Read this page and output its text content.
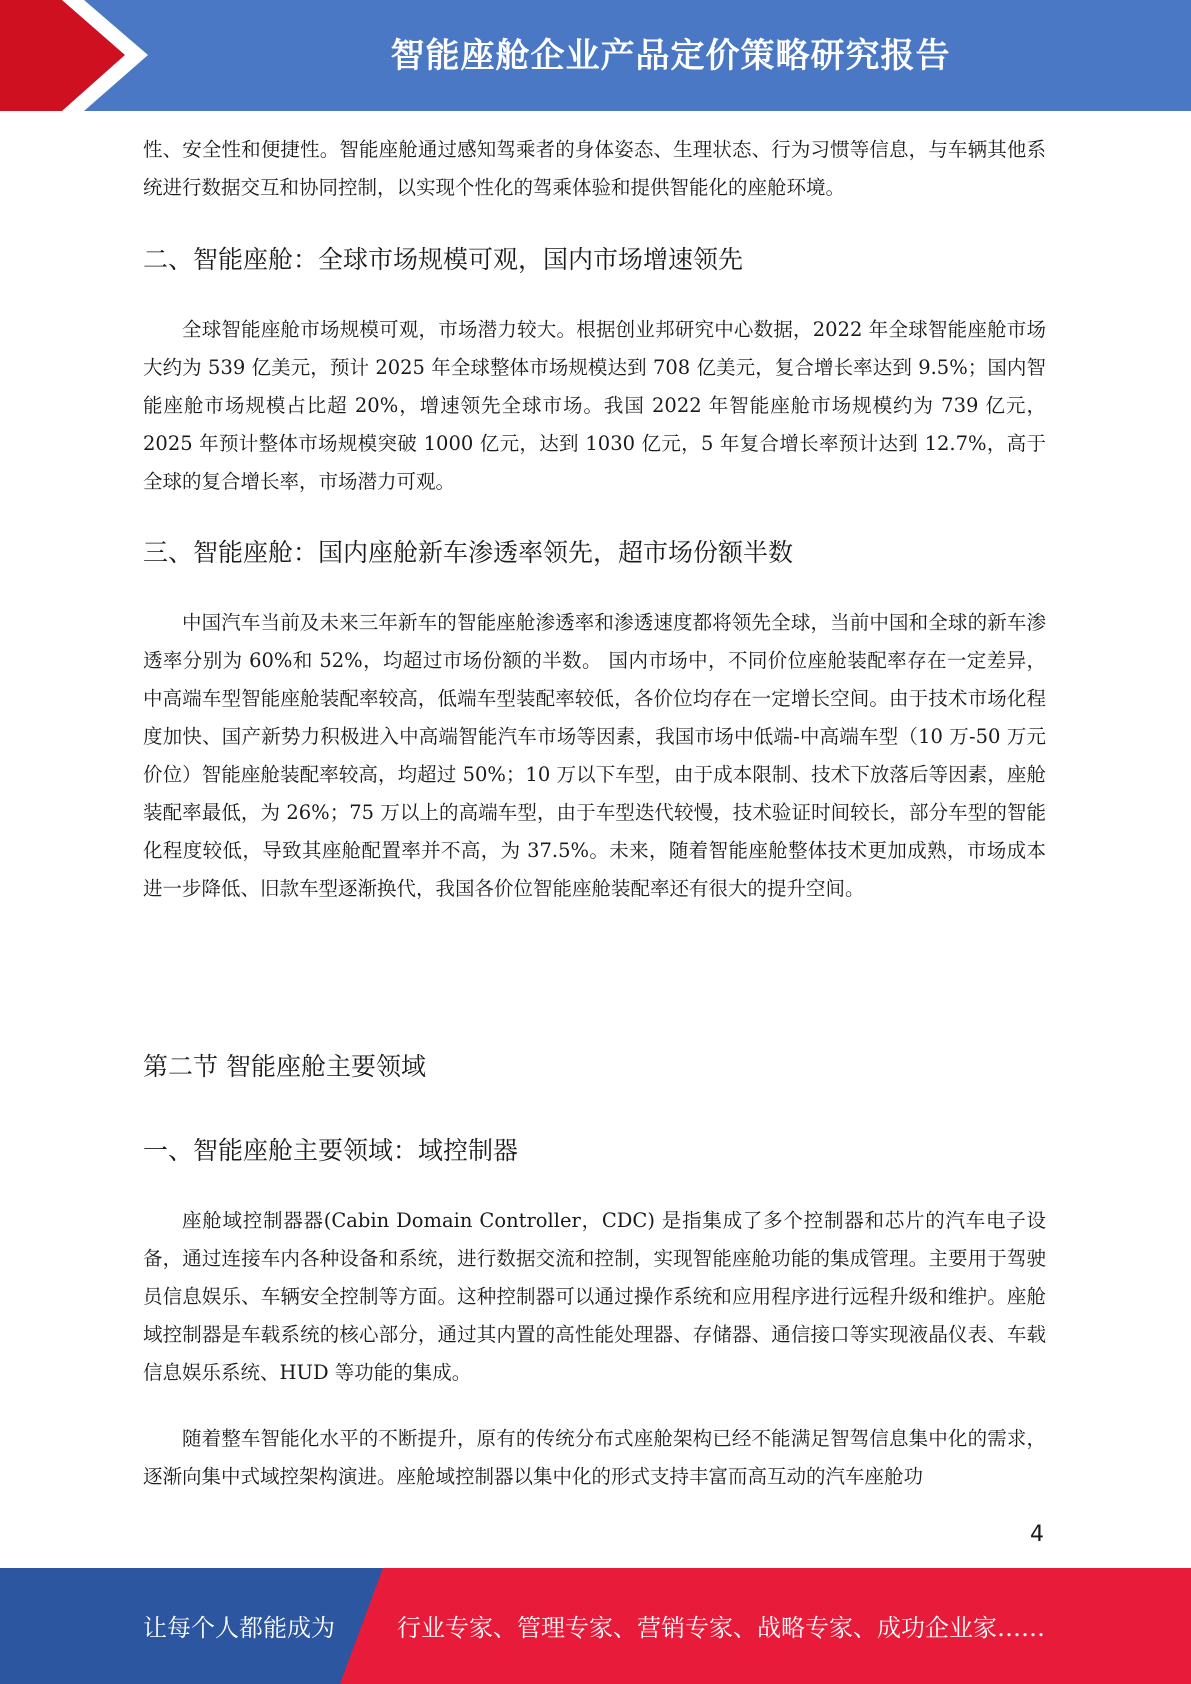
智能座舱企业产品定价策略研究报告

性、安全性和便捷性。智能座舱通过感知驾乘者的身体姿态、生理状态、行为习惯等信息，与车辆其他系统进行数据交互和协同控制，以实现个性化的驾乘体验和提供智能化的座舱环境。

二、智能座舱：全球市场规模可观，国内市场增速领先

全球智能座舱市场规模可观，市场潜力较大。根据创业邦研究中心数据，2022 年全球智能座舱市场大约为 539 亿美元，预计 2025 年全球整体市场规模达到 708 亿美元，复合增长率达到 9.5%；国内智能座舱市场规模占比超 20%，增速领先全球市场。我国 2022 年智能座舱市场规模约为 739 亿元，2025 年预计整体市场规模突破 1000 亿元，达到 1030 亿元，5 年复合增长率预计达到 12.7%，高于全球的复合增长率，市场潜力可观。

三、智能座舱：国内座舱新车渗透率领先，超市场份额半数

中国汽车当前及未来三年新车的智能座舱渗透率和渗透速度都将领先全球，当前中国和全球的新车渗透率分别为 60%和 52%，均超过市场份额的半数。 国内市场中，不同价位座舱装配率存在一定差异，中高端车型智能座舱装配率较高，低端车型装配率较低，各价位均存在一定增长空间。由于技术市场化程度加快、国产新势力积极进入中高端智能汽车市场等因素，我国市场中低端-中高端车型（10 万-50 万元价位）智能座舱装配率较高，均超过 50%；10 万以下车型，由于成本限制、技术下放落后等因素，座舱装配率最低，为 26%；75 万以上的高端车型，由于车型迭代较慢，技术验证时间较长，部分车型的智能化程度较低，导致其座舱配置率并不高，为 37.5%。未来，随着智能座舱整体技术更加成熟，市场成本进一步降低、旧款车型逐渐换代，我国各价位智能座舱装配率还有很大的提升空间。

第二节 智能座舱主要领域
一、智能座舱主要领域：域控制器

座舱域控制器器(Cabin Domain Controller，CDC) 是指集成了多个控制器和芯片的汽车电子设备，通过连接车内各种设备和系统，进行数据交流和控制，实现智能座舱功能的集成管理。主要用于驾驶员信息娱乐、车辆安全控制等方面。这种控制器可以通过操作系统和应用程序进行远程升级和维护。座舱域控制器是车载系统的核心部分，通过其内置的高性能处理器、存储器、通信接口等实现液晶仪表、车载信息娱乐系统、HUD 等功能的集成。

随着整车智能化水平的不断提升，原有的传统分布式座舱架构已经不能满足智驾信息集中化的需求，逐渐向集中式域控架构演进。座舱域控制器以集中化的形式支持丰富而高互动的汽车座舱功

4
让每个人都能成为	行业专家、管理专家、营销专家、战略专家、成功企业家……
